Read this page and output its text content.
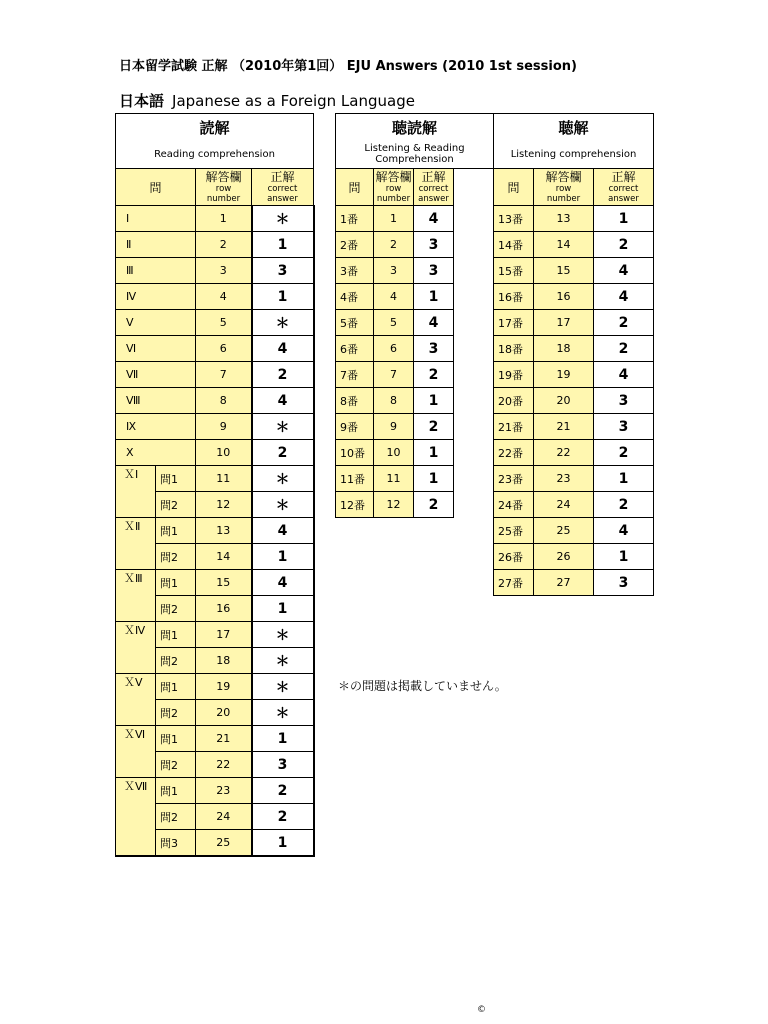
日本留学試験 正解 （2010年第1回） EJU Answers (2010 1st session)
日本語 Japanese as a Foreign Language
読解			
Reading comprehension			
問		解答欄
row
number	正解
correct
answer
Ⅰ		1	＊
Ⅱ		2	1
Ⅲ		3	3
Ⅳ		4	1
Ⅴ		5	＊
Ⅵ		6	4
Ⅶ		7	2
Ⅷ		8	4
Ⅸ		9	＊
Ⅹ		10	2
ＸⅠ	問1	11	＊
	問2	12	＊
ＸⅡ	問1	13	4
	問2	14	1
ＸⅢ	問1	15	4
	問2	16	1
ＸⅣ	問1	17	＊
	問2	18	＊
ＸⅤ	問1	19	＊
	問2	20	＊
ＸⅥ	問1	21	1
	問2	22	3
ＸⅦ	問1	23	2
	問2	24	2
	問3	25	1
聴読解		
Listening & Reading
Comprehension		
問	解答欄
row
number	正解
correct
answer
1番	1	4
2番	2	3
3番	3	3
4番	4	1
5番	5	4
6番	6	3
7番	7	2
8番	8	1
9番	9	2
10番	10	1
11番	11	1
12番	12	2
聴解		
Listening comprehension		
問	解答欄
row
number	正解
correct
answer
13番	13	1
14番	14	2
15番	15	4
16番	16	4
17番	17	2
18番	18	2
19番	19	4
20番	20	3
21番	21	3
22番	22	2
23番	23	1
24番	24	2
25番	25	4
26番	26	1
27番	27	3
＊の問題は掲載していません。
©
